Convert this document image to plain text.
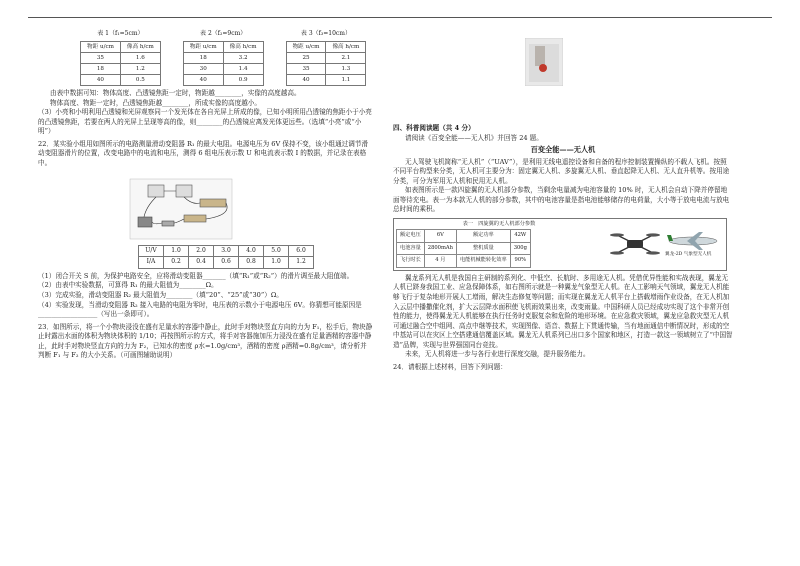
表 1（f₁=5cm）
物距 u/cm	像高 h/cm
35	1.6
18	1.2
40	0.5
表 2（f₂=9cm）
物距 u/cm	像高 h/cm
18	3.2
30	1.4
40	0.9
表 3（f₃=10cm）
物距 u/cm	像高 h/cm
25	2.1
35	1.3
40	1.1

由表中数据可知：物体高度、凸透镜焦距一定时，物距越________，实像的高度越高。

物体高度、物距一定时，凸透镜焦距越________，所成实像的高度越小。

（3）小亮和小明利用凸透镜和光屏观察同一个发光体在各自光屏上所成的像，已知小明所用凸透镜的焦距小于小亮的凸透镜焦距，若要在两人的光屏上呈现等高的像，则________的凸透镜应离发光体更远些。（选填“小亮”或“小明”）

22．某实验小组用如图所示的电路测量滑动变阻器 R₁ 的最大电阻。电源电压为 6V 保持不变，该小组通过调节滑动变阻器滑片的位置，改变电路中的电流和电压，测得 6 组电压表示数 U 和电流表示数 I 的数据，并记录在表格中。

U/V	1.0	2.0	3.0	4.0	5.0	6.0
I/A	0.2	0.4	0.6	0.8	1.0	1.2

（1）闭合开关 S 前，为保护电路安全，应将滑动变阻器_______（填“R₁”或“R₂”）的滑片调至最大阻值端。

（2）由表中实验数据，可算得 R₁ 的最大阻值为________Ω。

（3）完成实验，滑动变阻器 R₂ 最大阻值为________（填“20”、“25”或“30”）Ω。

（4）实验发现，当滑动变阻器 R₂ 接入电路的电阻为零时，电压表的示数小于电源电压 6V。你猜想可能原因是__________________（写出一条即可）。

23．如图所示，将一个小物块浸没在盛有足量水的容器中静止，此时手对物块竖直方向的力为 F₁，松手后，物块静止时露出水面的体积为物块体积的 1/10；再按图所示的方式，将手对容器施加压力浸没在盛有足量酒精的容器中静止，此时手对物块竖直方向的力为 F₂，已知水的密度 ρ水=1.0g/cm³，酒精的密度 ρ酒精=0.8g/cm³，请分析并判断 F₁ 与 F₂ 的大小关系。（可画图辅助说明）

四、科普阅读题（共 4 分）

请阅读《百变全能——无人机》并回答 24 题。

百变全能——无人机

无人驾驶飞机简称“无人机”（“UAV”），是利用无线电遥控设备和自备的程序控制装置操纵的不载人飞机。按照不同平台构型来分类，无人机可主要分为：固定翼无人机、多旋翼无人机、垂直起降无人机、无人直升机等。按用途分类，可分为军用无人机和民用无人机。

如表图所示是一款四旋翼的无人机部分参数，当剩余电量减为电池容量的 10% 时，无人机会自动下降并停留地面等待充电。表一为本款无人机的部分参数，其中的电池容量是指电池能够储存的电荷量，大小等于放电电流与放电总时间的乘积。

表一　四旋翼的无人机部分参数
额定电压	6V	额定功率	42W
电池容量	2800mAh	整机质量	300g
飞行时长	4 月	电能机械能转化效率	90%
翼龙-2D 气象型无人机

翼龙系列无人机是我国自主研制的系列化、中低空、长航时、多用途无人机。凭借优异性能和实战表现，翼龙无人机已跻身我国工业、应急保障体系，如右图所示就是一种翼龙气象型无人机。在人工影响天气领域，翼龙无人机能够飞行于复杂地形开展人工增雨，解决生态修复等问题；而实现在翼龙无人机平台上搭载增雨作业设备，在无人机加入云层中播撒催化剂，扩大云层降水面积使飞机雨效果出来，改变雨量。中国科研人员已经成功实现了这个非常开创性的能力，使得翼龙无人机能够在执行任务时克服复杂和危险的地形环境。在应急救灾领域，翼龙应急救灾型无人机可通过融合空中组网、高点中继等技术，实现图像、语音、数据上下贯通传输，当有地面通信中断情况时，形成的空中基站可以在灾区上空搭建通信覆盖区域。翼龙无人机系列已出口多个国家和地区，打造一款这一领域树立了“中国智造”品牌，实现与世界强国同台竞技。

未来，无人机将进一步与各行业进行深度交融，提升服务能力。

24．请根据上述材料，回答下列问题：
